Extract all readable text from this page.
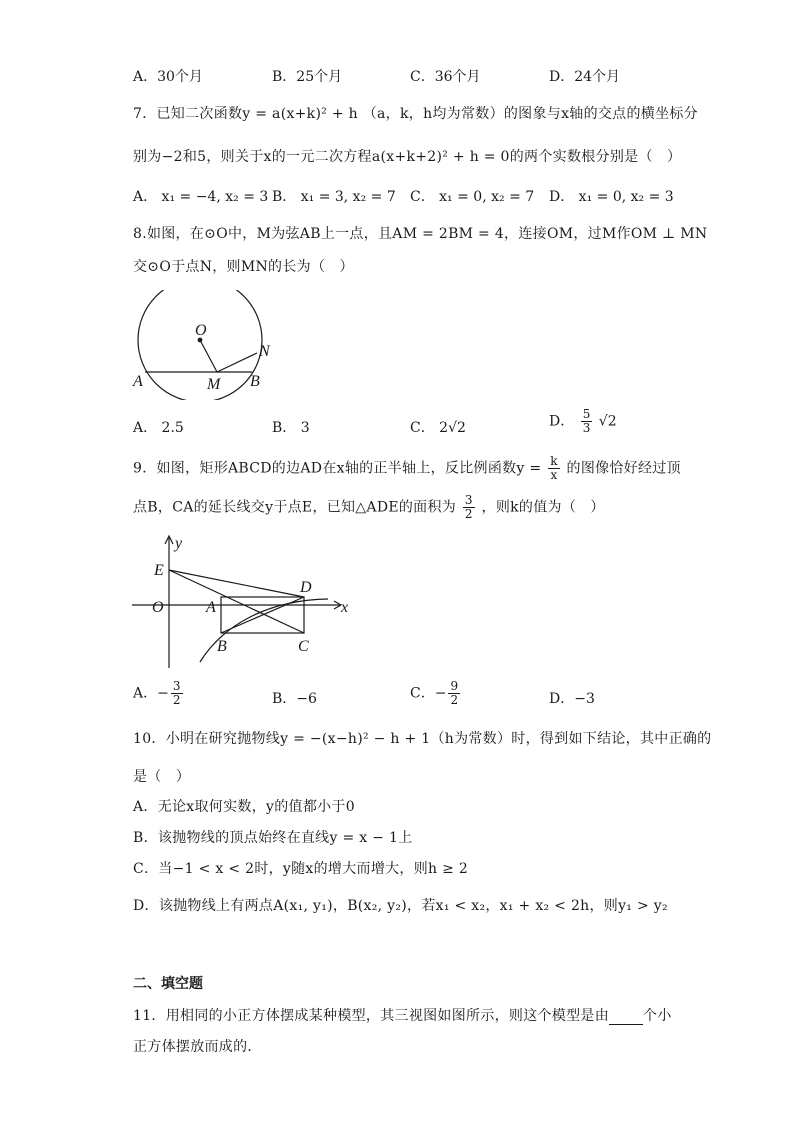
A．30个月	B．25个月	C．36个月	D．24个月
7．已知二次函数y = a(x+k)² + h （a，k，h均为常数）的图象与x轴的交点的横坐标分
别为−2和5，则关于x的一元二次方程a(x+k+2)² + h = 0的两个实数根分别是（　）
A． x₁ = −4, x₂ = 3 B． x₁ = 3, x₂ = 7 C． x₁ = 0, x₂ = 7 D． x₁ = 0, x₂ = 3
8.如图，在⊙O中，M为弦AB上一点，且AM = 2BM = 4，连接OM，过M作OM ⊥ MN
交⊙O于点N，则MN的长为（　）
O
A	M B
N
A． 2.5	B． 3	C． 2√2	D． $\frac{5}{3} √2$
9．如图，矩形ABCD的边AD在x轴的正半轴上，反比例函数$y = \frac{k}{x}$ 的图像恰好经过顶
点B，CA的延长线交y于点E，已知△ADE的面积为 $\frac{3}{2}$ ，则k的值为（　）
y
x
E
D
O	A
B	C
A．− $\frac{3}{2}$	B．−6	C．− $\frac{9}{2}$	D．−3
10．小明在研究抛物线y = −(x−h)² − h + 1（h为常数）时，得到如下结论，其中正确的
是（　）
A．无论x取何实数，y的值都小于0
B．该抛物线的顶点始终在直线y = x − 1上
C．当−1 < x < 2时，y随x的增大而增大，则h ≥ 2
D．该抛物线上有两点A(x₁, y₁)，B(x₂, y₂)，若x₁ < x₂，x₁ + x₂ < 2h，则y₁ > y₂
二、填空题
11．用相同的小正方体摆成某种模型，其三视图如图所示，则这个模型是由 个小
正方体摆放而成的．
